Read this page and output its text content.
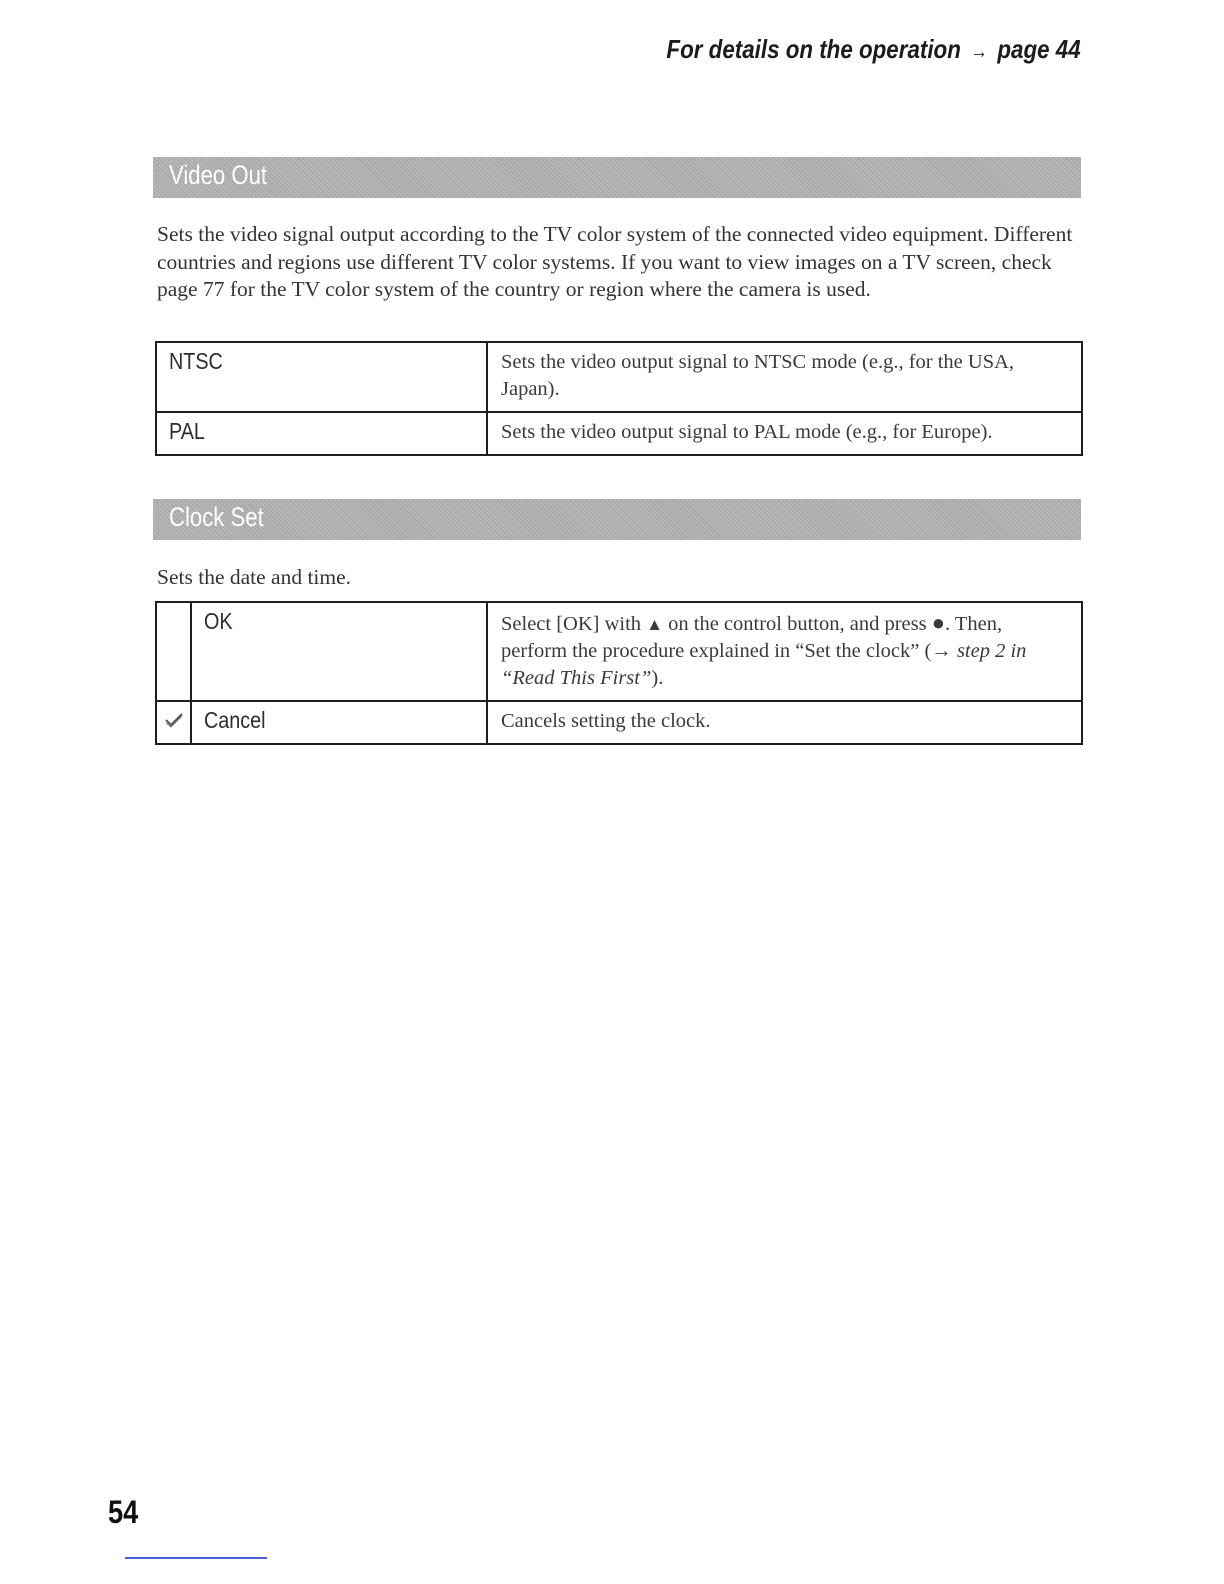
For details on the operation → page 44
Video Out

Sets the video signal output according to the TV color system of the connected video equipment. Different countries and regions use different TV color systems. If you want to view images on a TV screen, check page 77 for the TV color system of the country or region where the camera is used.

NTSC	Sets the video output signal to NTSC mode (e.g., for the USA, Japan).
PAL	Sets the video output signal to PAL mode (e.g., for Europe).
Clock Set

Sets the date and time.

	OK	Select [OK] with ▲ on the control button, and press ●. Then, perform the procedure explained in “Set the clock” (→ step 2 in “Read This First”).
	Cancel	Cancels setting the clock.
54
